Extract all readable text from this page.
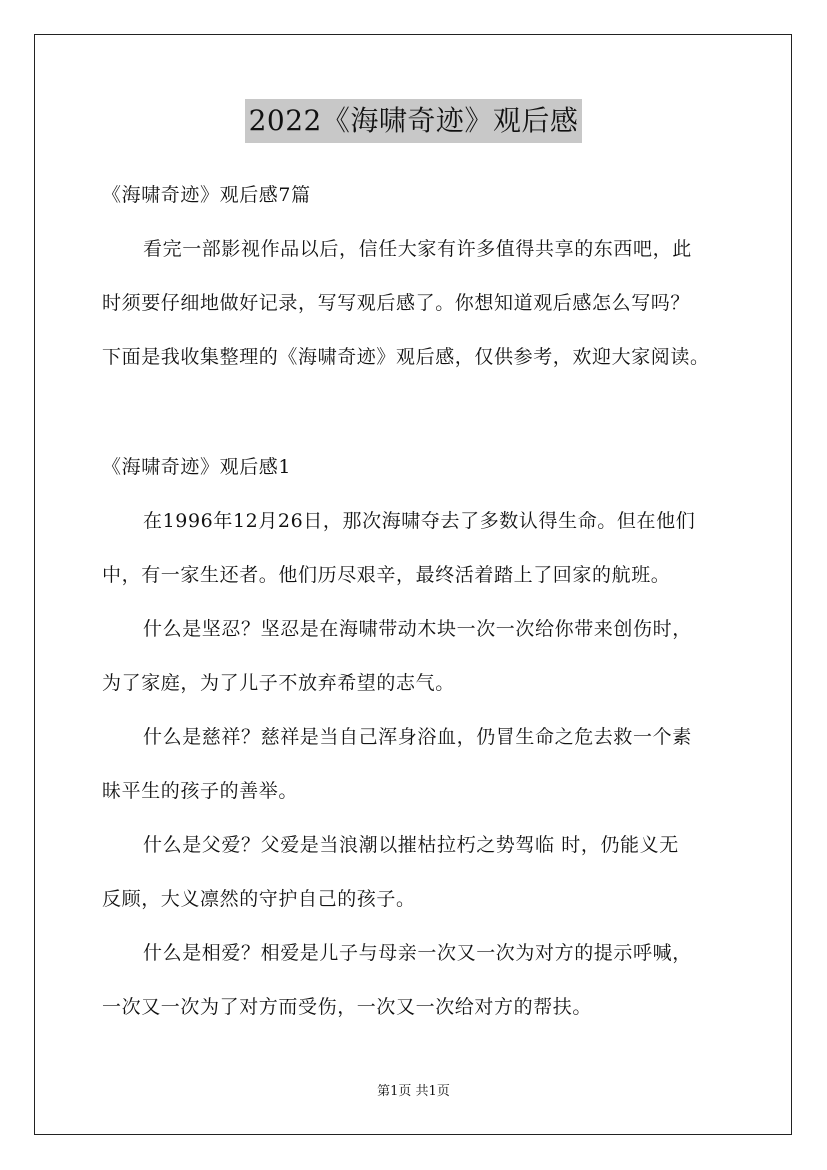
2022《海啸奇迹》观后感
《海啸奇迹》观后感7篇
看完一部影视作品以后，信任大家有许多值得共享的东西吧，此
时须要仔细地做好记录，写写观后感了。你想知道观后感怎么写吗？
下面是我收集整理的《海啸奇迹》观后感，仅供参考，欢迎大家阅读。
《海啸奇迹》观后感1
在1996年12月26日，那次海啸夺去了多数认得生命。但在他们
中，有一家生还者。他们历尽艰辛，最终活着踏上了回家的航班。
什么是坚忍？坚忍是在海啸带动木块一次一次给你带来创伤时，
为了家庭，为了儿子不放弃希望的志气。
什么是慈祥？慈祥是当自己浑身浴血，仍冒生命之危去救一个素
昧平生的孩子的善举。
什么是父爱？父爱是当浪潮以摧枯拉朽之势驾临 时，仍能义无
反顾，大义凛然的守护自己的孩子。
什么是相爱？相爱是儿子与母亲一次又一次为对方的提示呼喊，
一次又一次为了对方而受伤，一次又一次给对方的帮扶。
第1页 共1页
